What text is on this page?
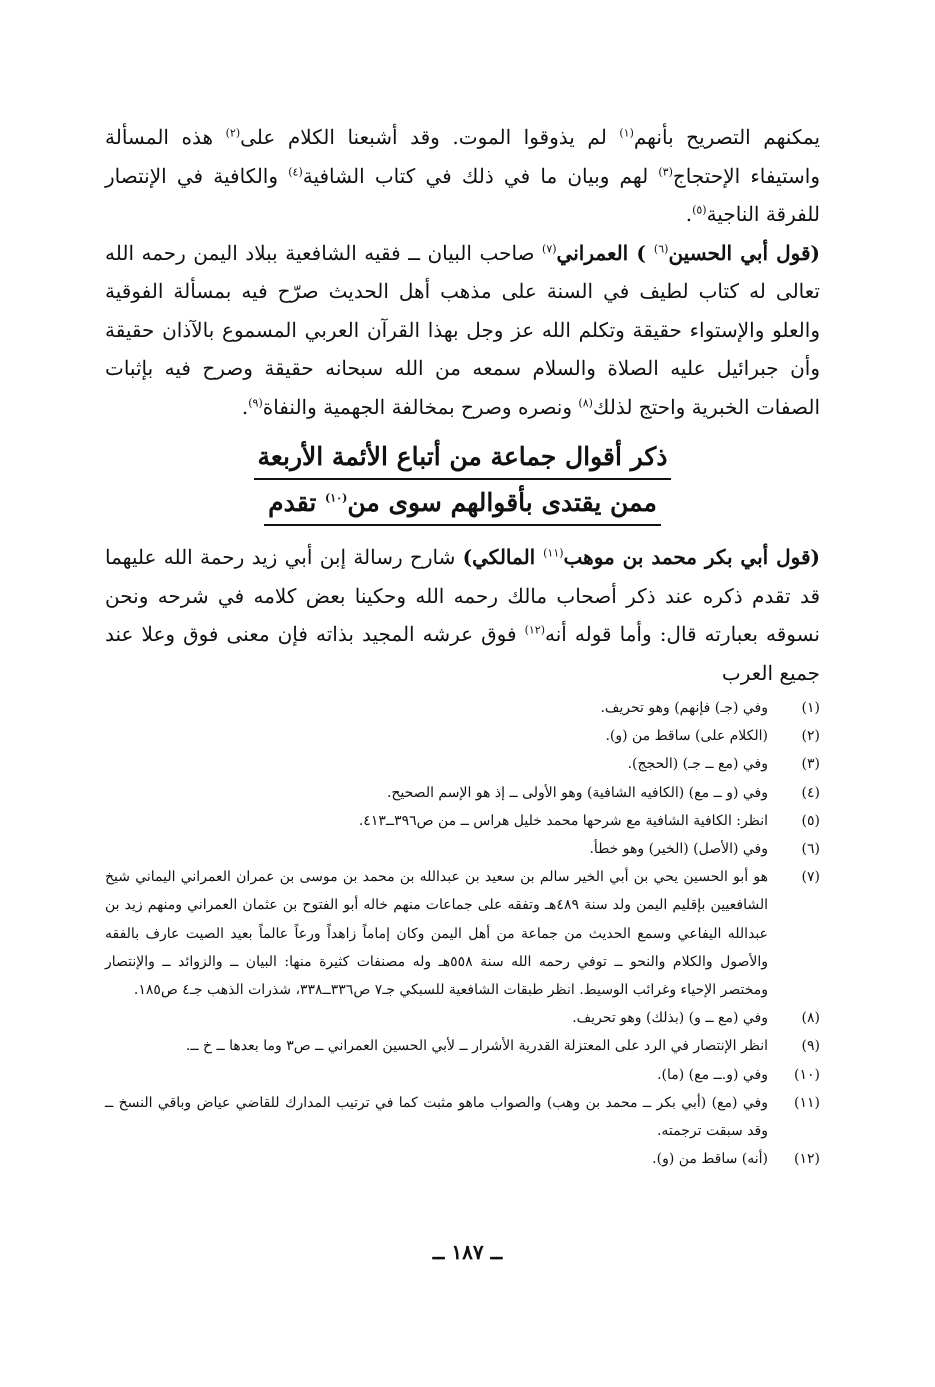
يمكنهم التصريح بأنهم$^{(١)}$ لم يذوقوا الموت. وقد أشبعنا الكلام على$^{(٢)}$ هذه المسألة واستيفاء الإحتجاج$^{(٣)}$ لهم وبيان ما في ذلك في كتاب الشافية$^{(٤)}$ والكافية في الإنتصار للفرقة الناجية$^{(٥)}$.

(قول أبي الحسين$^{(٦)}$ ) العمراني$^{(٧)}$ صاحب البيان ــ فقيه الشافعية ببلاد اليمن رحمه الله تعالى له كتاب لطيف في السنة على مذهب أهل الحديث صرّح فيه بمسألة الفوقية والعلو والإستواء حقيقة وتكلم الله عز وجل بهذا القرآن العربي المسموع بالآذان حقيقة وأن جبرائيل عليه الصلاة والسلام سمعه من الله سبحانه حقيقة وصرح فيه بإثبات الصفات الخبرية واحتج لذلك$^{(٨)}$ ونصره وصرح بمخالفة الجهمية والنفاة$^{(٩)}$.

ذكر أقوال جماعة من أتباع الأئمة الأربعة
ممن يقتدى بأقوالهم سوى من$^{(١٠)}$ تقدم

(قول أبي بكر محمد بن موهب$^{(١١)}$ المالكي) شارح رسالة إبن أبي زيد رحمة الله عليهما قد تقدم ذكره عند ذكر أصحاب مالك رحمه الله وحكينا بعض كلامه في شرحه ونحن نسوقه بعبارته قال: وأما قوله أنه$^{(١٢)}$ فوق عرشه المجيد بذاته فإن معنى فوق وعلا عند جميع العرب

(١)
وفي (جـ) فإنهم) وهو تحريف.
(٢)
(الكلام على) ساقط من (و).
(٣)
وفي (مع ــ جـ) (الحجج).
(٤)
وفي (و ــ مع) (الكافيه الشافية) وهو الأولى ــ إذ هو الإسم الصحيح.
(٥)
انظر: الكافية الشافية مع شرحها محمد خليل هراس ــ من ص٣٩٦ــ٤١٣.
(٦)
وفي (الأصل) (الخير) وهو خطأ.
(٧)
هو أبو الحسين يحي بن أبي الخير سالم بن سعيد بن عبدالله بن محمد بن موسى بن عمران العمراني اليماني شيخ الشافعيين بإقليم اليمن ولد سنة ٤٨٩هـ وتفقه على جماعات منهم خاله أبو الفتوح بن عثمان العمراني ومنهم زيد بن عبدالله اليفاعي وسمع الحديث من جماعة من أهل اليمن وكان إماماً زاهداً ورعاً عالماً بعيد الصيت عارف بالفقه والأصول والكلام والنحو ــ توفي رحمه الله سنة ٥٥٨هـ وله مصنفات كثيرة منها: البيان ــ والزوائد ــ والإنتصار ومختصر الإحياء وغرائب الوسيط. انظر طبقات الشافعية للسبكي جـ٧ ص٣٣٦ــ٣٣٨، شذرات الذهب جـ٤ ص١٨٥.
(٨)
وفي (مع ــ و) (بذلك) وهو تحريف.
(٩)
انظر الإنتصار في الرد على المعتزلة القدرية الأشرار ــ لأبي الحسين العمراني ــ ص٣ وما بعدها ــ خ ــ.
(١٠)
وفي (و.ــ مع) (ما).
(١١)
وفي (مع) (أبي بكر ــ محمد بن وهب) والصواب ماهو مثبت كما في ترتيب المدارك للقاضي عياض وباقي النسخ ــ وقد سبقت ترجمته.
(١٢)
(أنه) ساقط من (و).
ــ ١٨٧ ــ
